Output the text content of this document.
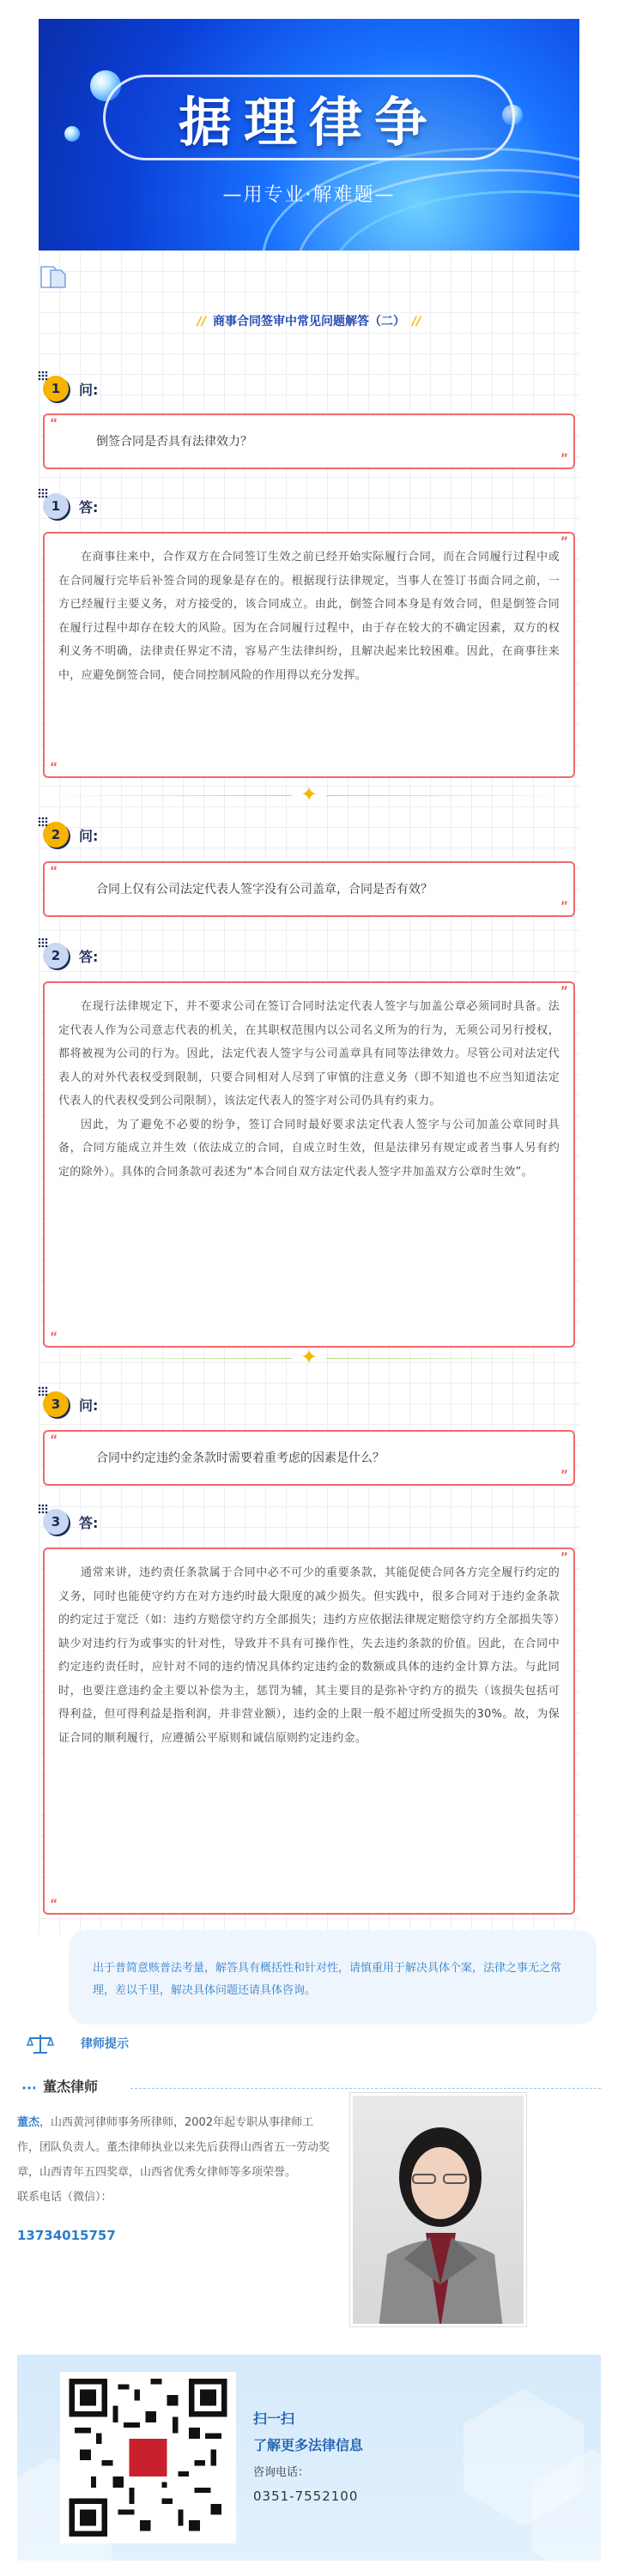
据理律争
—用专业·解难题—
// 商事合同签审中常见问题解答（二） //
1	问:
“
”
倒签合同是否具有法律效力？
1	答:
“
”

在商事往来中，合作双方在合同签订生效之前已经开始实际履行合同，而在合同履行过程中或在合同履行完毕后补签合同的现象是存在的。根据现行法律规定，当事人在签订书面合同之前，一方已经履行主要义务，对方接受的，该合同成立。由此，倒签合同本身是有效合同，但是倒签合同在履行过程中却存在较大的风险。因为在合同履行过程中，由于存在较大的不确定因素，双方的权利义务不明确，法律责任界定不清，容易产生法律纠纷，且解决起来比较困难。因此，在商事往来中，应避免倒签合同，使合同控制风险的作用得以充分发挥。

✦
2	问:
“
”
合同上仅有公司法定代表人签字没有公司盖章，合同是否有效？
2	答:
“
”

在现行法律规定下，并不要求公司在签订合同时法定代表人签字与加盖公章必须同时具备。法定代表人作为公司意志代表的机关，在其职权范围内以公司名义所为的行为，无须公司另行授权，都将被视为公司的行为。因此，法定代表人签字与公司盖章具有同等法律效力。尽管公司对法定代表人的对外代表权受到限制，只要合同相对人尽到了审慎的注意义务（即不知道也不应当知道法定代表人的代表权受到公司限制），该法定代表人的签字对公司仍具有约束力。

因此，为了避免不必要的纷争，签订合同时最好要求法定代表人签字与公司加盖公章同时具备，合同方能成立并生效（依法成立的合同，自成立时生效，但是法律另有规定或者当事人另有约定的除外）。具体的合同条款可表述为“本合同自双方法定代表人签字并加盖双方公章时生效”。

✦
3	问:
“
”
合同中约定违约金条款时需要着重考虑的因素是什么？
3	答:
“
”

通常来讲，违约责任条款属于合同中必不可少的重要条款，其能促使合同各方完全履行约定的义务，同时也能使守约方在对方违约时最大限度的减少损失。但实践中，很多合同对于违约金条款的约定过于宽泛（如：违约方赔偿守约方全部损失；违约方应依据法律规定赔偿守约方全部损失等）缺少对违约行为或事实的针对性，导致并不具有可操作性，失去违约条款的价值。因此，在合同中约定违约责任时，应针对不同的违约情况具体约定违约金的数额或具体的违约金计算方法。与此同时，也要注意违约金主要以补偿为主，惩罚为辅，其主要目的是弥补守约方的损失（该损失包括可得利益，但可得利益是指利润，并非营业额），违约金的上限一般不超过所受损失的30%。故，为保证合同的顺利履行，应遵循公平原则和诚信原则约定违约金。

出于普简意赅普法考量，解答具有概括性和针对性，请慎重用于解决具体个案，法律之事无之常理，差以千里，解决具体问题还请具体咨询。
律师提示
董杰律师
董杰，山西黄河律师事务所律师，2002年起专职从事律师工作，团队负责人。董杰律师执业以来先后获得山西省五一劳动奖章，山西青年五四奖章，山西省优秀女律师等多项荣誉。
联系电话（微信）：
13734015757
扫一扫
了解更多法律信息
咨询电话：
0351-7552100
